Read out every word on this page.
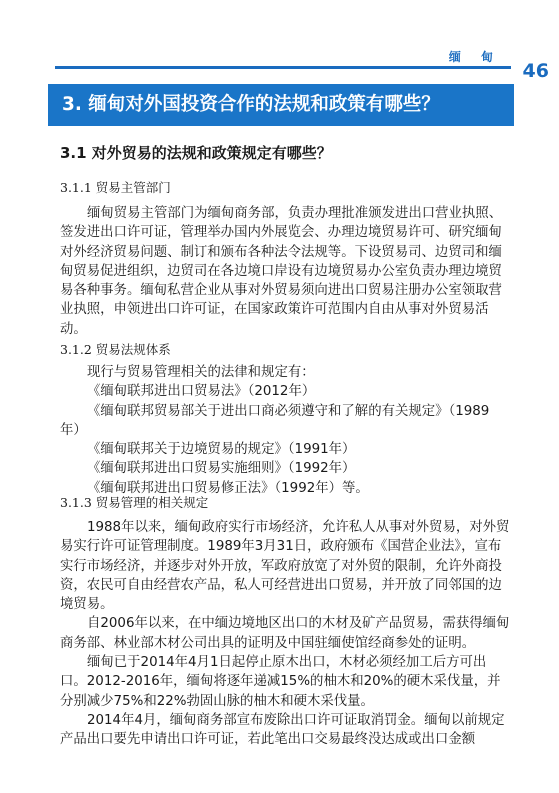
缅 甸
46
3. 缅甸对外国投资合作的法规和政策有哪些？
3.1 对外贸易的法规和政策规定有哪些？
3.1.1 贸易主管部门
缅甸贸易主管部门为缅甸商务部，负责办理批准颁发进出口营业执照、签发进出口许可证，管理举办国内外展览会、办理边境贸易许可、研究缅甸对外经济贸易问题、制订和颁布各种法令法规等。下设贸易司、边贸司和缅甸贸易促进组织，边贸司在各边境口岸设有边境贸易办公室负责办理边境贸易各种事务。缅甸私营企业从事对外贸易须向进出口贸易注册办公室领取营业执照，申领进出口许可证，在国家政策许可范围内自由从事对外贸易活动。
3.1.2 贸易法规体系

现行与贸易管理相关的法律和规定有：

《缅甸联邦进出口贸易法》（2012年）

《缅甸联邦贸易部关于进出口商必须遵守和了解的有关规定》（1989

年）

《缅甸联邦关于边境贸易的规定》（1991年）

《缅甸联邦进出口贸易实施细则》（1992年）

《缅甸联邦进出口贸易修正法》（1992年）等。

3.1.3 贸易管理的相关规定

1988年以来，缅甸政府实行市场经济，允许私人从事对外贸易，对外贸易实行许可证管理制度。1989年3月31日，政府颁布《国营企业法》，宣布实行市场经济，并逐步对外开放，军政府放宽了对外贸的限制，允许外商投资，农民可自由经营农产品，私人可经营进出口贸易，并开放了同邻国的边境贸易。

自2006年以来，在中缅边境地区出口的木材及矿产品贸易，需获得缅甸商务部、林业部木材公司出具的证明及中国驻缅使馆经商参处的证明。

缅甸已于2014年4月1日起停止原木出口，木材必须经加工后方可出口。2012-2016年，缅甸将逐年递减15%的柚木和20%的硬木采伐量，并分别减少75%和22%勃固山脉的柚木和硬木采伐量。

2014年4月，缅甸商务部宣布废除出口许可证取消罚金。缅甸以前规定产品出口要先申请出口许可证，若此笔出口交易最终没达成或出口金额
